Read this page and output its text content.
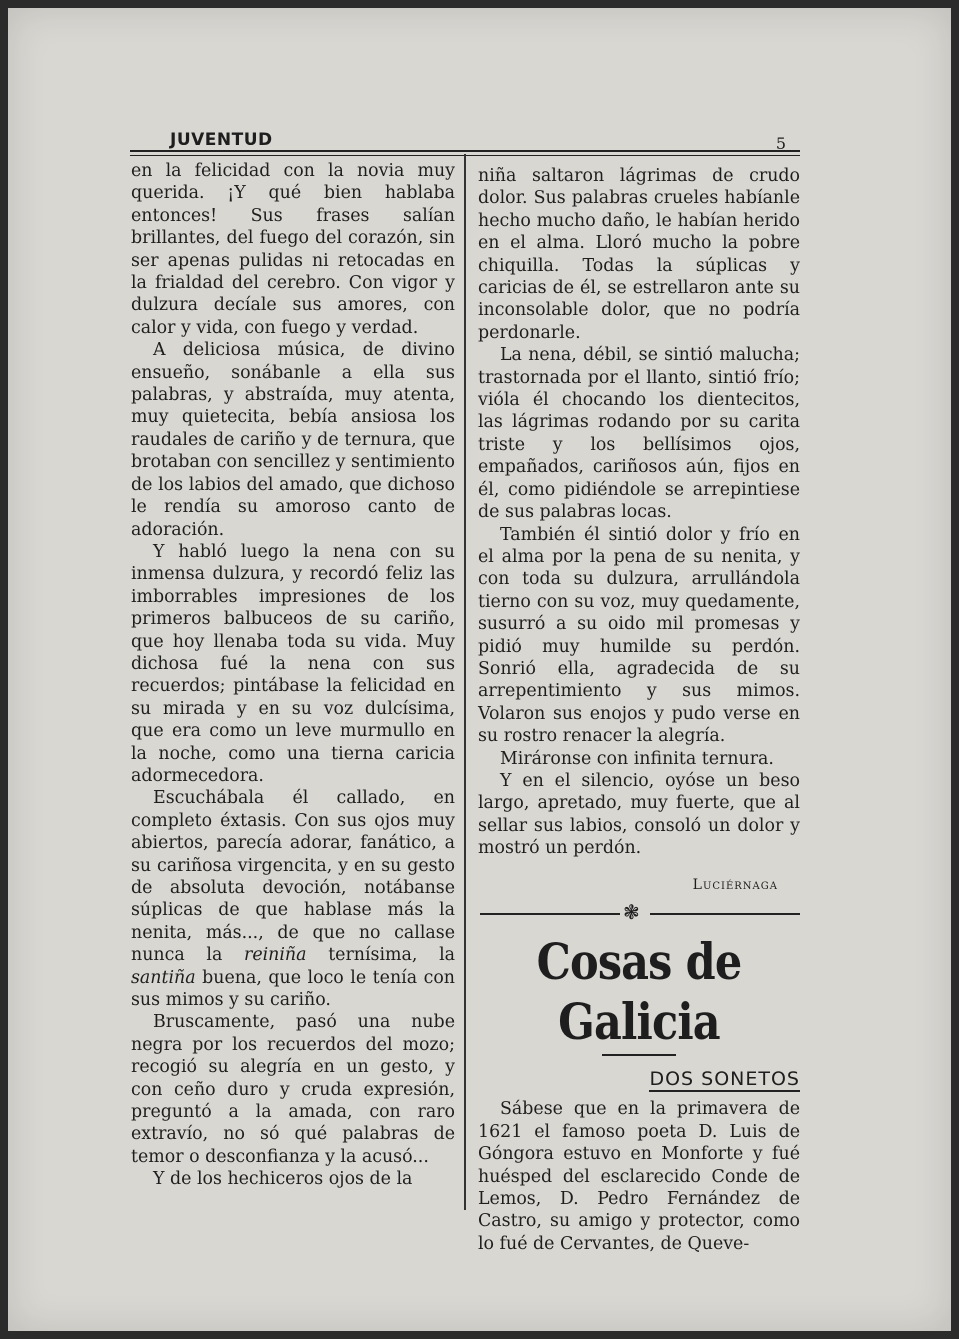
JUVENTUD	5

en la felicidad con la novia muy querida. ¡Y qué bien hablaba entonces! Sus frases salían brillantes, del fuego del corazón, sin ser apenas pulidas ni retocadas en la frialdad del cerebro. Con vigor y dulzura decíale sus amores, con calor y vida, con fuego y verdad.

A deliciosa música, de divino ensueño, sonábanle a ella sus palabras, y abstraída, muy atenta, muy quietecita, bebía ansiosa los raudales de cariño y de ternura, que brotaban con sencillez y sentimiento de los labios del amado, que dichoso le rendía su amoroso canto de adoración.

Y habló luego la nena con su inmensa dulzura, y recordó feliz las imborrables impresiones de los primeros balbuceos de su cariño, que hoy llenaba toda su vida. Muy dichosa fué la nena con sus recuerdos; pintábase la felicidad en su mirada y en su voz dulcísima, que era como un leve murmullo en la noche, como una tierna caricia adormecedora.

Escuchábala él callado, en completo éxtasis. Con sus ojos muy abiertos, parecía adorar, fanático, a su cariñosa virgencita, y en su gesto de absoluta devoción, notábanse súplicas de que hablase más la nenita, más..., de que no callase nunca la reiniña ternísima, la santiña buena, que loco le tenía con sus mimos y su cariño.

Bruscamente, pasó una nube negra por los recuerdos del mozo; recogió su alegría en un gesto, y con ceño duro y cruda expresión, preguntó a la amada, con raro extravío, no só qué palabras de temor o desconfianza y la acusó...

Y de los hechiceros ojos de la

niña saltaron lágrimas de crudo dolor. Sus palabras crueles habíanle hecho mucho daño, le habían herido en el alma. Lloró mucho la pobre chiquilla. Todas la súplicas y caricias de él, se estrellaron ante su inconsolable dolor, que no podría perdonarle.

La nena, débil, se sintió malucha; trastornada por el llanto, sintió frío; vióla él chocando los dientecitos, las lágrimas rodando por su carita triste y los bellísimos ojos, empañados, cariñosos aún, fijos en él, como pidiéndole se arrepintiese de sus palabras locas.

También él sintió dolor y frío en el alma por la pena de su nenita, y con toda su dulzura, arrullándola tierno con su voz, muy quedamente, susurró a su oido mil promesas y pidió muy humilde su perdón. Sonrió ella, agradecida de su arrepentimiento y sus mimos. Volaron sus enojos y pudo verse en su rostro renacer la alegría.

Miráronse con infinita ternura.

Y en el silencio, oyóse un beso largo, apretado, muy fuerte, que al sellar sus labios, consoló un dolor y mostró un perdón.

Luciérnaga
❃
Cosas de Galicia
DOS SONETOS

Sábese que en la primavera de 1621 el famoso poeta D. Luis de Góngora estuvo en Monforte y fué huésped del esclarecido Conde de Lemos, D. Pedro Fernández de Castro, su amigo y protector, como lo fué de Cervantes, de Queve-
